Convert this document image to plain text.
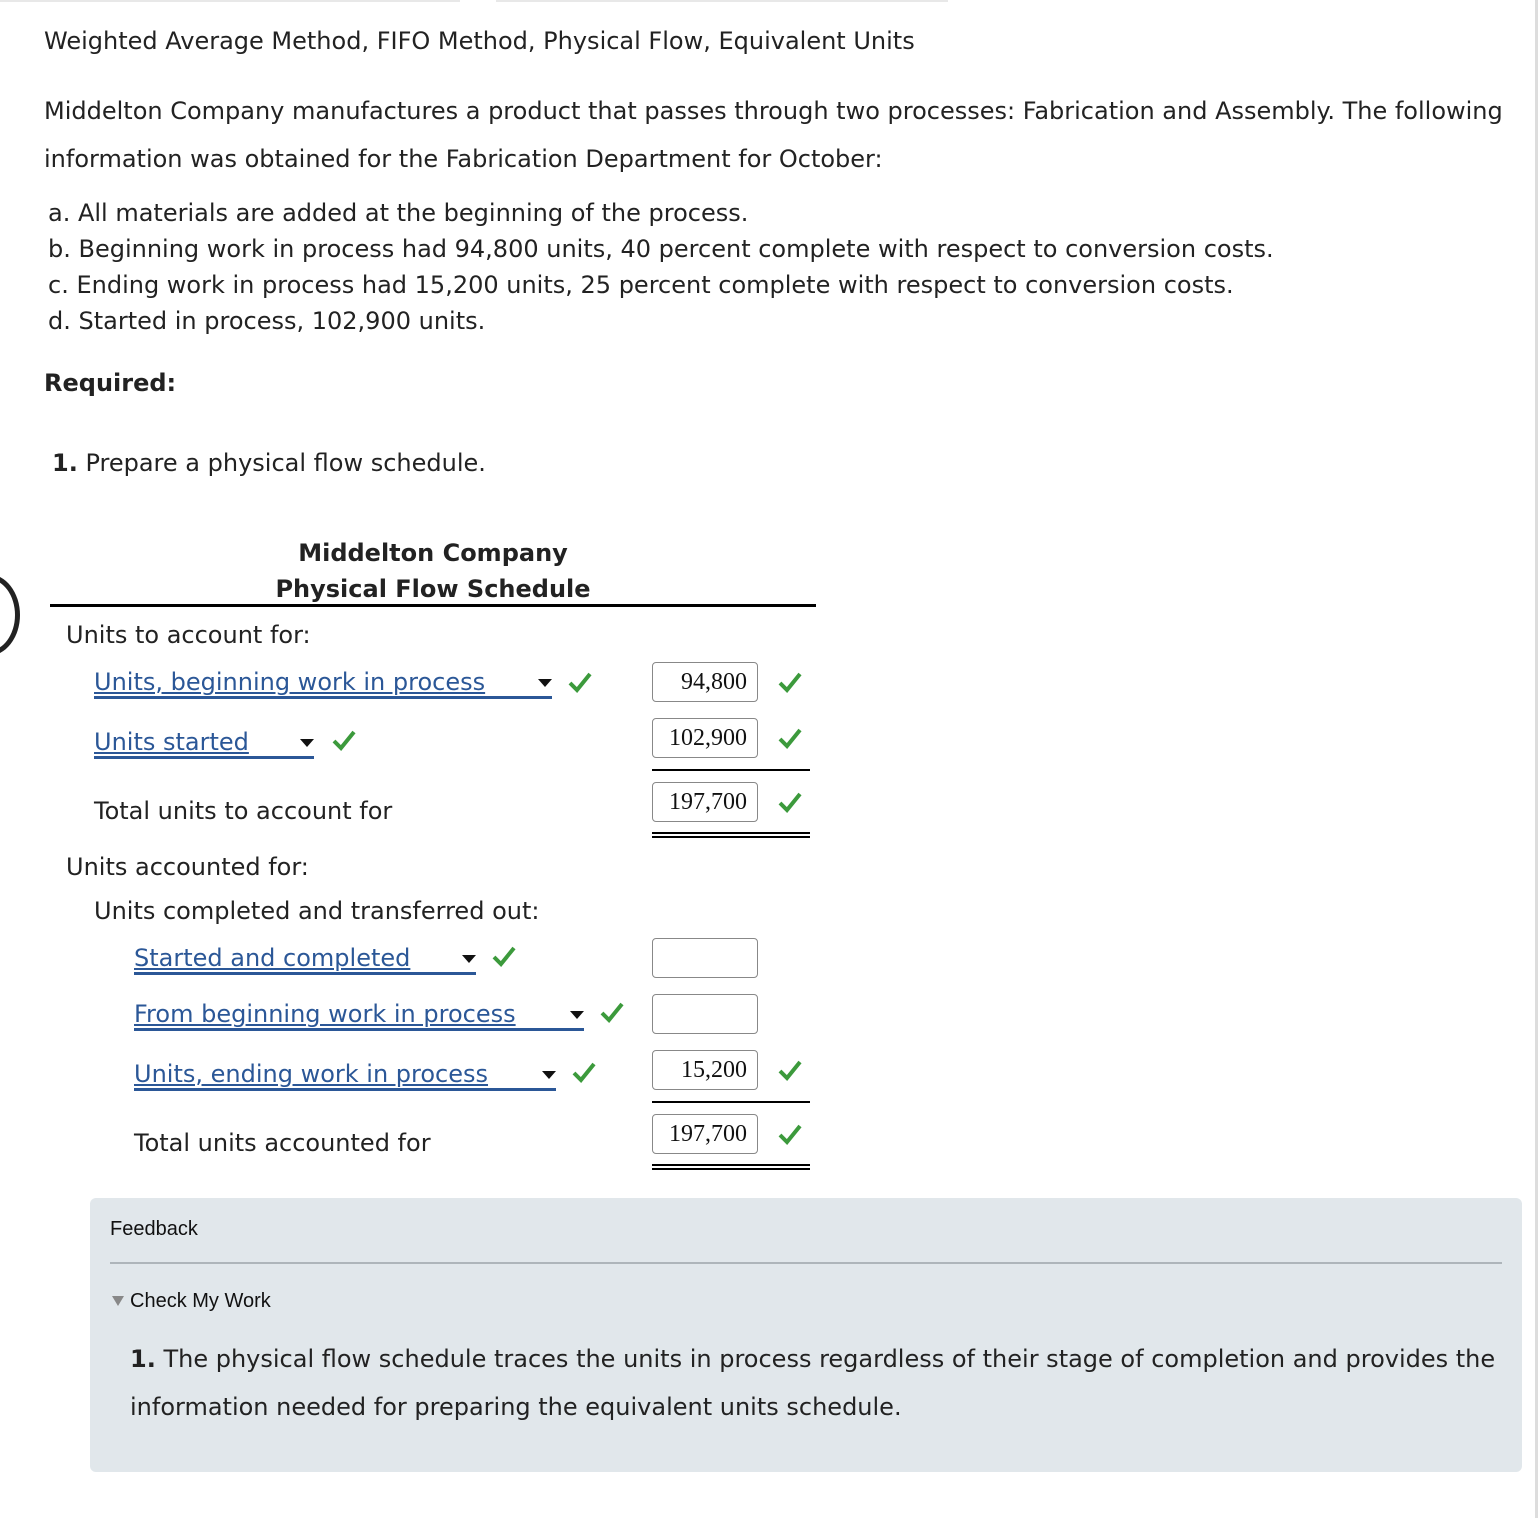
Weighted Average Method, FIFO Method, Physical Flow, Equivalent Units
Middelton Company manufactures a product that passes through two processes: Fabrication and Assembly. The following
information was obtained for the Fabrication Department for October:
a. All materials are added at the beginning of the process.
b. Beginning work in process had 94,800 units, 40 percent complete with respect to conversion costs.
c. Ending work in process had 15,200 units, 25 percent complete with respect to conversion costs.
d. Started in process, 102,900 units.
Required:
1. Prepare a physical flow schedule.
Middelton Company
Physical Flow Schedule
Units to account for:
Units, beginning work in process	94,800
Units started	102,900
Total units to account for	197,700
Units accounted for:
Units completed and transferred out:
Started and completed
From beginning work in process
Units, ending work in process	15,200
Total units accounted for	197,700
Feedback
Check My Work
1. The physical flow schedule traces the units in process regardless of their stage of completion and provides the
information needed for preparing the equivalent units schedule.
